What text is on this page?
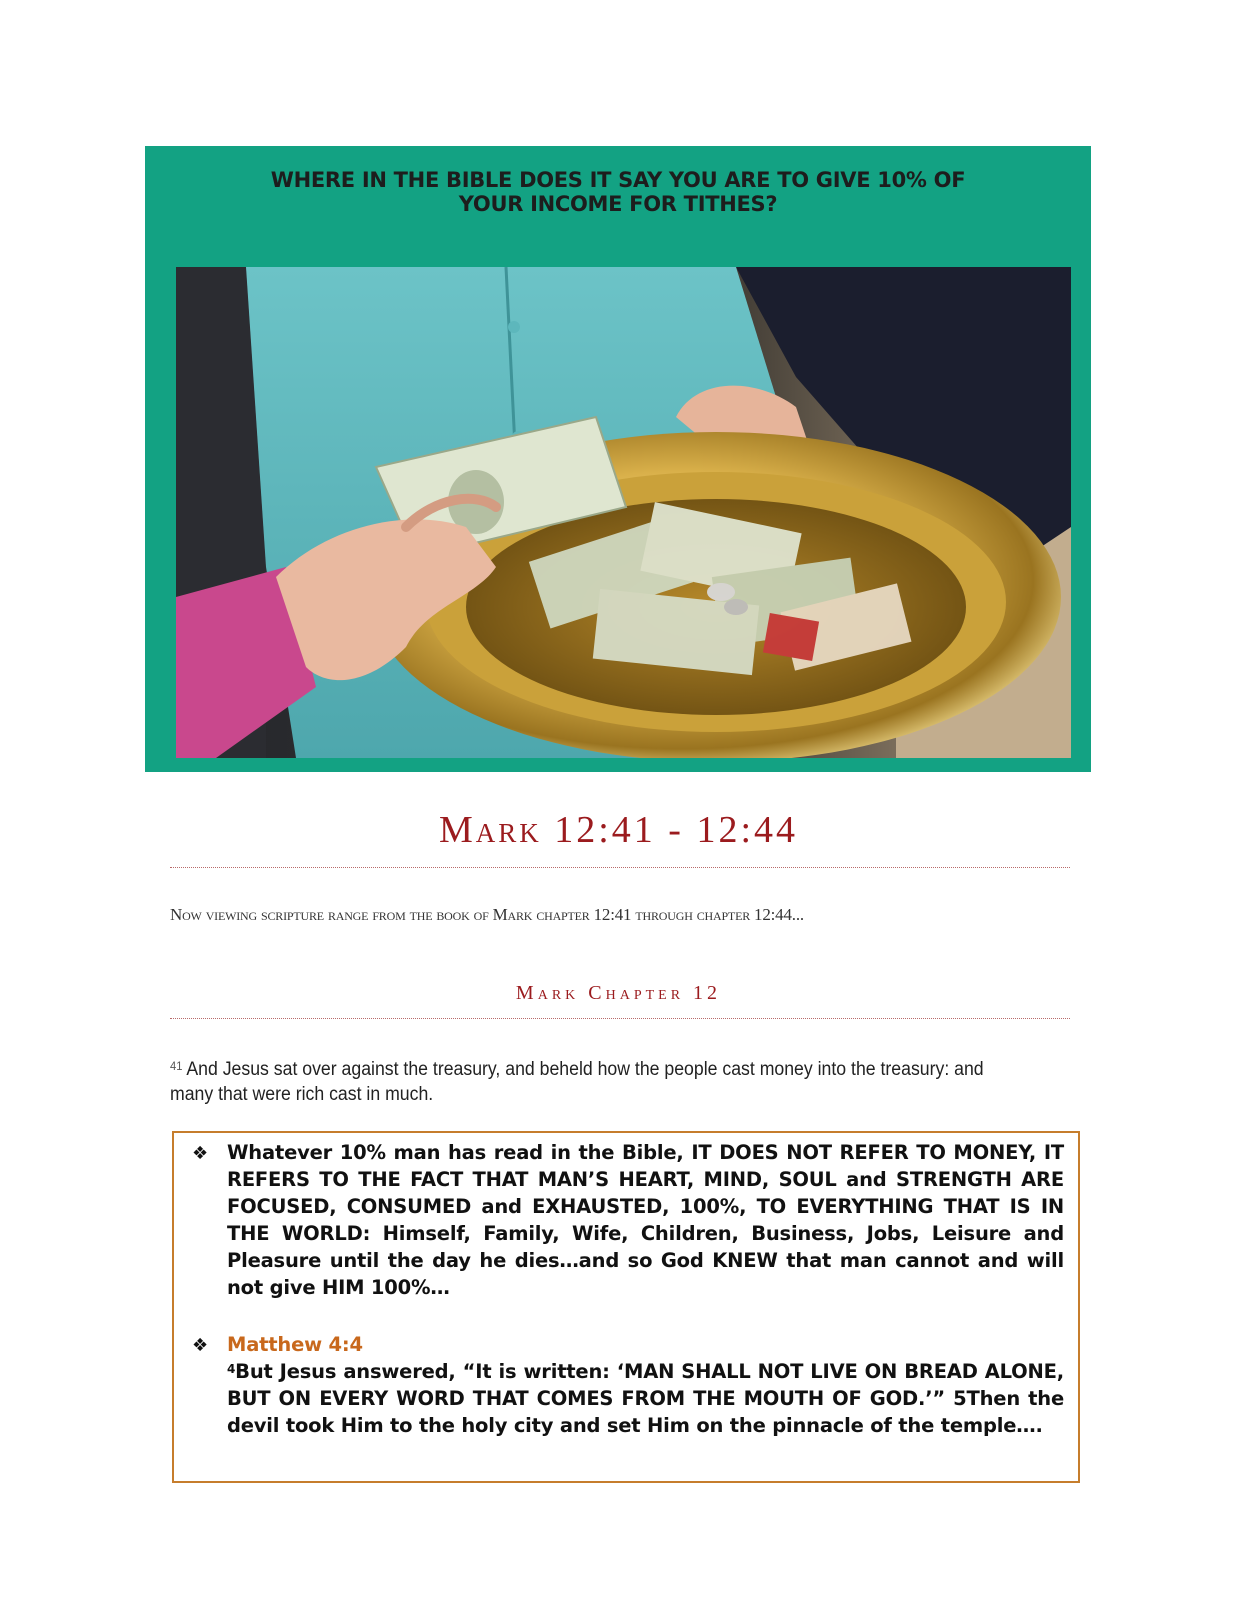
WHERE IN THE BIBLE DOES IT SAY YOU ARE TO GIVE 10% OF
YOUR INCOME FOR TITHES?
Mark 12:41 - 12:44
Now viewing scripture range from the book of Mark chapter 12:41 through chapter 12:44...
Mark Chapter 12
$^{41}$ And Jesus sat over against the treasury, and beheld how the people cast money into the treasury: and many that were rich cast in much.
❖ Whatever 10% man has read in the Bible, IT DOES NOT REFER TO MONEY, IT REFERS TO THE FACT THAT MAN’S HEART, MIND, SOUL and STRENGTH ARE FOCUSED, CONSUMED and EXHAUSTED, 100%, TO EVERYTHING THAT IS IN THE WORLD: Himself, Family, Wife, Children, Business, Jobs, Leisure and Pleasure until the day he dies…and so God KNEW that man cannot and will not give HIM 100%…
❖ Matthew 4:4
$^4$But Jesus answered, “It is written: ‘MAN SHALL NOT LIVE ON BREAD ALONE, BUT ON EVERY WORD THAT COMES FROM THE MOUTH OF GOD.’” 5Then the devil took Him to the holy city and set Him on the pinnacle of the temple….
